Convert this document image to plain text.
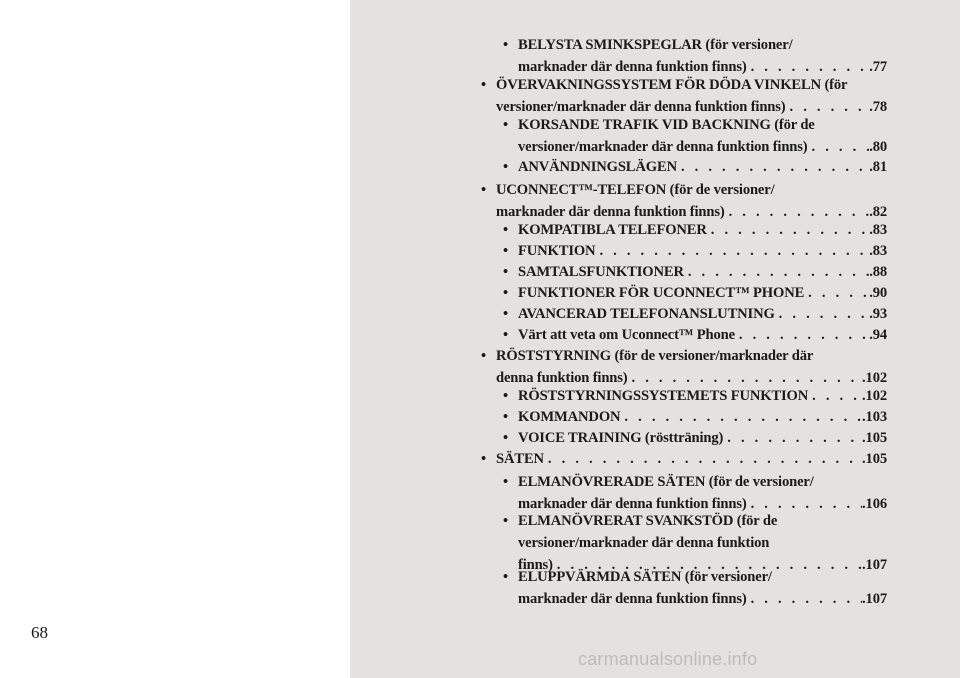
68
• BELYSTA SMINKSPEGLAR (för versioner/
marknader där denna funktion finns) . . .	.77
• ÖVERVAKNINGSSYSTEM FÖR DÖDA VINKELN (för
versioner/marknader där denna funktion finns) . . .	.78
• KORSANDE TRAFIK VID BACKNING (för de
versioner/marknader där denna funktion finns) . . .	.80
• ANVÄNDNINGSLÄGEN . . .	.81
• UCONNECT™-TELEFON (för de versioner/
marknader där denna funktion finns) . . .	.82
• KOMPATIBLA TELEFONER . . .	.83
• FUNKTION . . .	.83
• SAMTALSFUNKTIONER . . .	.88
• FUNKTIONER FÖR UCONNECT™ PHONE . . .	.90
• AVANCERAD TELEFONANSLUTNING . . .	.93
• Värt att veta om Uconnect™ Phone . . .	.94
• RÖSTSTYRNING (för de versioner/marknader där
denna funktion finns) . . .	.102
• RÖSTSTYRNINGSSYSTEMETS FUNKTION . . .	.102
• KOMMANDON . . .	.103
• VOICE TRAINING (röstträning) . . .	.105
• SÄTEN . . .	.105
• ELMANÖVRERADE SÄTEN (för de versioner/
marknader där denna funktion finns) . . .	.106
• ELMANÖVRERAT SVANKSTÖD (för de
versioner/marknader där denna funktion
finns) . . .	.107
• ELUPPVÄRMDA SÄTEN (för versioner/
marknader där denna funktion finns) . . .	.107
carmanualsonline.info
